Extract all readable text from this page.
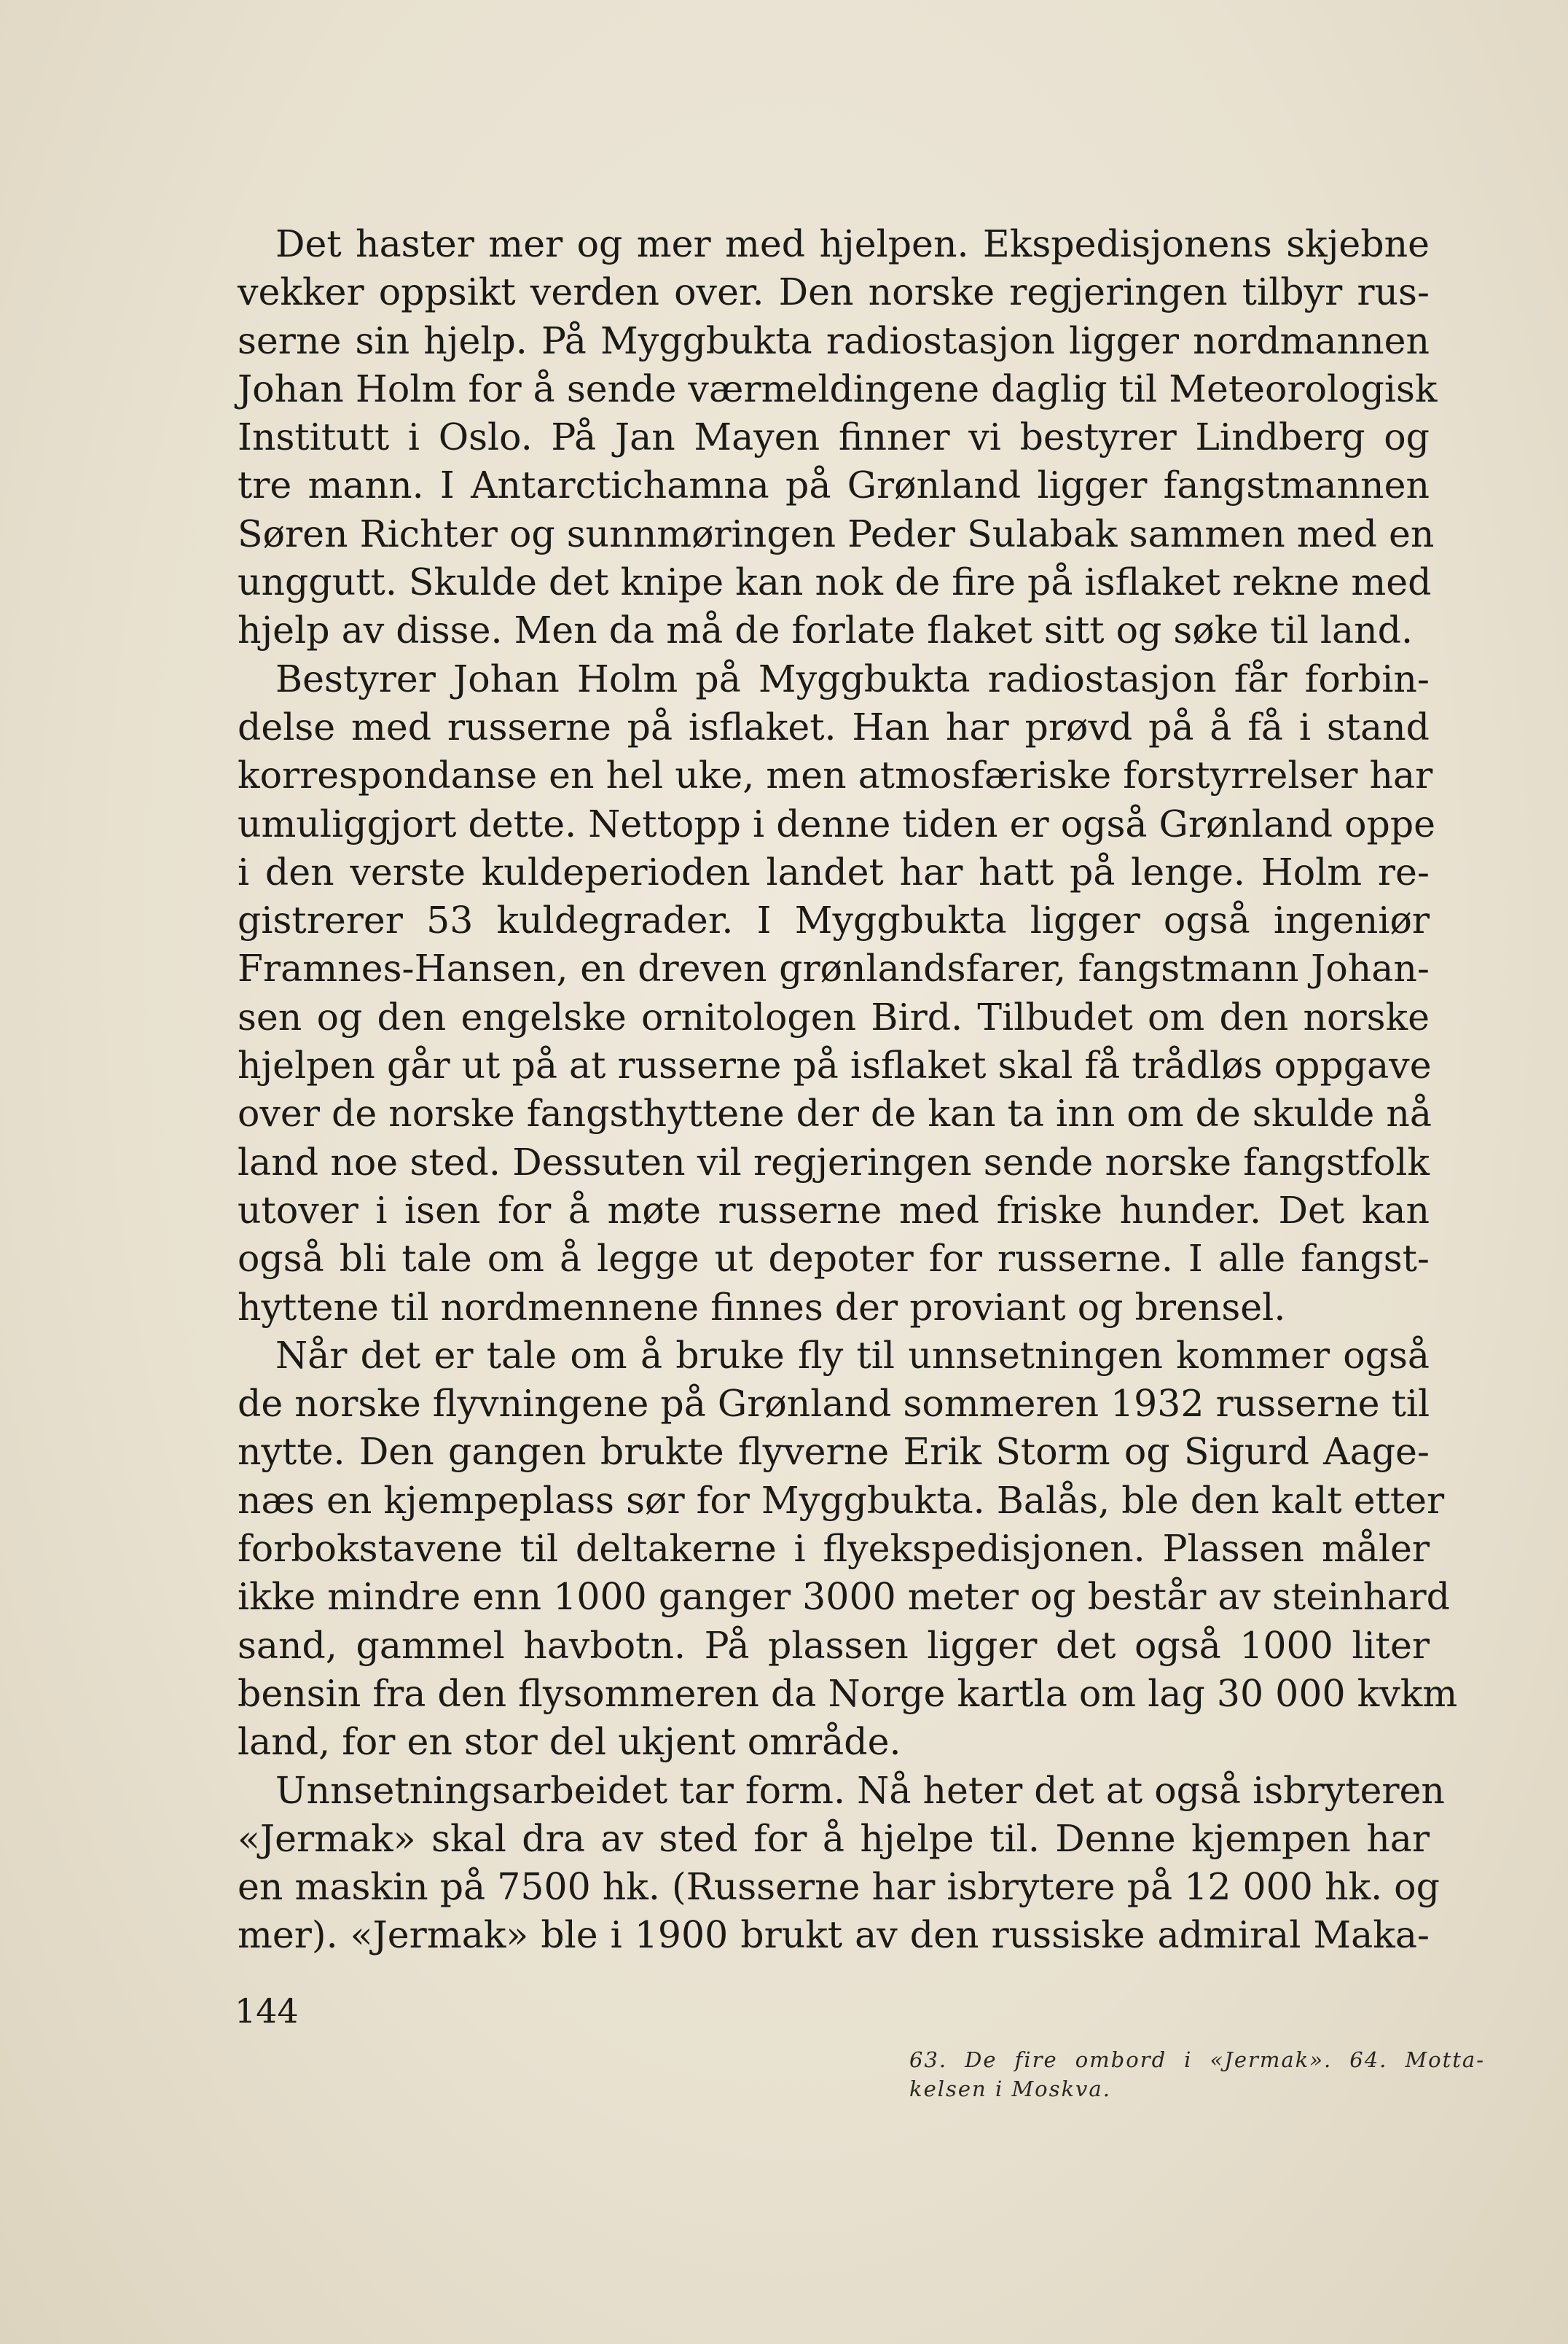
Det haster mer og mer med hjelpen. Ekspedisjonens skjebne
vekker oppsikt verden over. Den norske regjeringen tilbyr rus-
serne sin hjelp. På Myggbukta radiostasjon ligger nordmannen
Johan Holm for å sende værmeldingene daglig til Meteorologisk
Institutt i Oslo. På Jan Mayen finner vi bestyrer Lindberg og
tre mann. I Antarctichamna på Grønland ligger fangstmannen
Søren Richter og sunnmøringen Peder Sulabak sammen med en
unggutt. Skulde det knipe kan nok de fire på isflaket rekne med
hjelp av disse. Men da må de forlate flaket sitt og søke til land.
Bestyrer Johan Holm på Myggbukta radiostasjon får forbin-
delse med russerne på isflaket. Han har prøvd på å få i stand
korrespondanse en hel uke, men atmosfæriske forstyrrelser har
umuliggjort dette. Nettopp i denne tiden er også Grønland oppe
i den verste kuldeperioden landet har hatt på lenge. Holm re-
gistrerer 53 kuldegrader. I Myggbukta ligger også ingeniør
Framnes-Hansen, en dreven grønlandsfarer, fangstmann Johan-
sen og den engelske ornitologen Bird. Tilbudet om den norske
hjelpen går ut på at russerne på isflaket skal få trådløs oppgave
over de norske fangsthyttene der de kan ta inn om de skulde nå
land noe sted. Dessuten vil regjeringen sende norske fangstfolk
utover i isen for å møte russerne med friske hunder. Det kan
også bli tale om å legge ut depoter for russerne. I alle fangst-
hyttene til nordmennene finnes der proviant og brensel.
Når det er tale om å bruke fly til unnsetningen kommer også
de norske flyvningene på Grønland sommeren 1932 russerne til
nytte. Den gangen brukte flyverne Erik Storm og Sigurd Aage-
næs en kjempeplass sør for Myggbukta. Balås, ble den kalt etter
forbokstavene til deltakerne i flyekspedisjonen. Plassen måler
ikke mindre enn 1000 ganger 3000 meter og består av steinhard
sand, gammel havbotn. På plassen ligger det også 1000 liter
bensin fra den flysommeren da Norge kartla om lag 30 000 kvkm
land, for en stor del ukjent område.
Unnsetningsarbeidet tar form. Nå heter det at også isbryteren
«Jermak» skal dra av sted for å hjelpe til. Denne kjempen har
en maskin på 7500 hk. (Russerne har isbrytere på 12 000 hk. og
mer). «Jermak» ble i 1900 brukt av den russiske admiral Maka-
144
63. De fire ombord i «Jermak». 64. Motta-
kelsen i Moskva.
